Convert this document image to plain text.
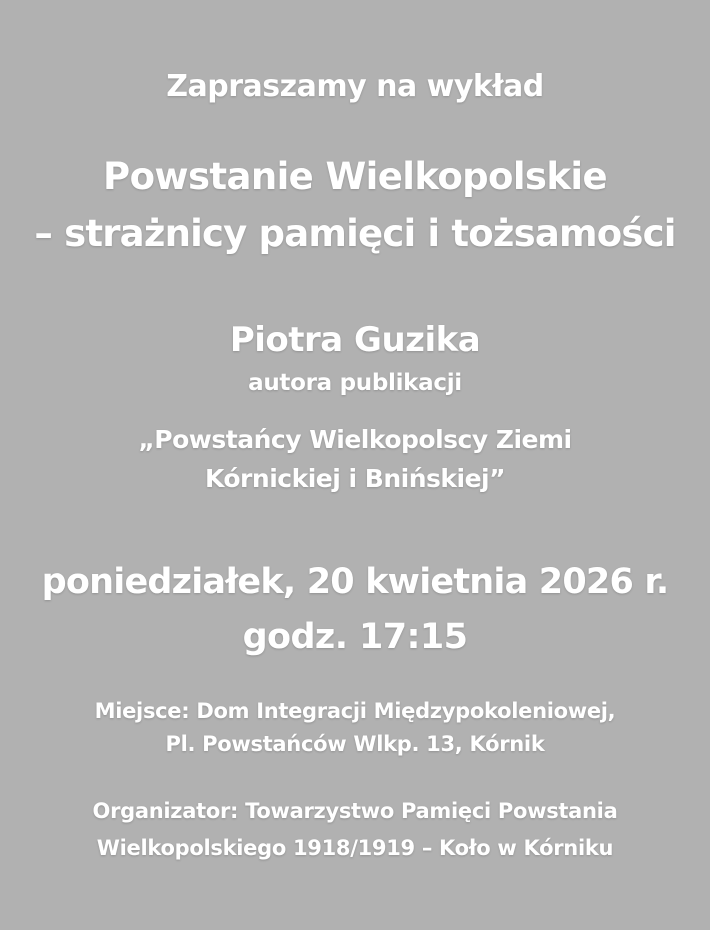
Zapraszamy na wykład
Powstanie Wielkopolskie
– strażnicy pamięci i tożsamości
Piotra Guzika
autora publikacji
„Powstańcy Wielkopolscy Ziemi
Kórnickiej i Bnińskiej”
poniedziałek, 20 kwietnia 2026 r.
godz. 17:15
Miejsce: Dom Integracji Międzypokoleniowej,
Pl. Powstańców Wlkp. 13, Kórnik
Organizator: Towarzystwo Pamięci Powstania
Wielkopolskiego 1918/1919 – Koło w Kórniku
